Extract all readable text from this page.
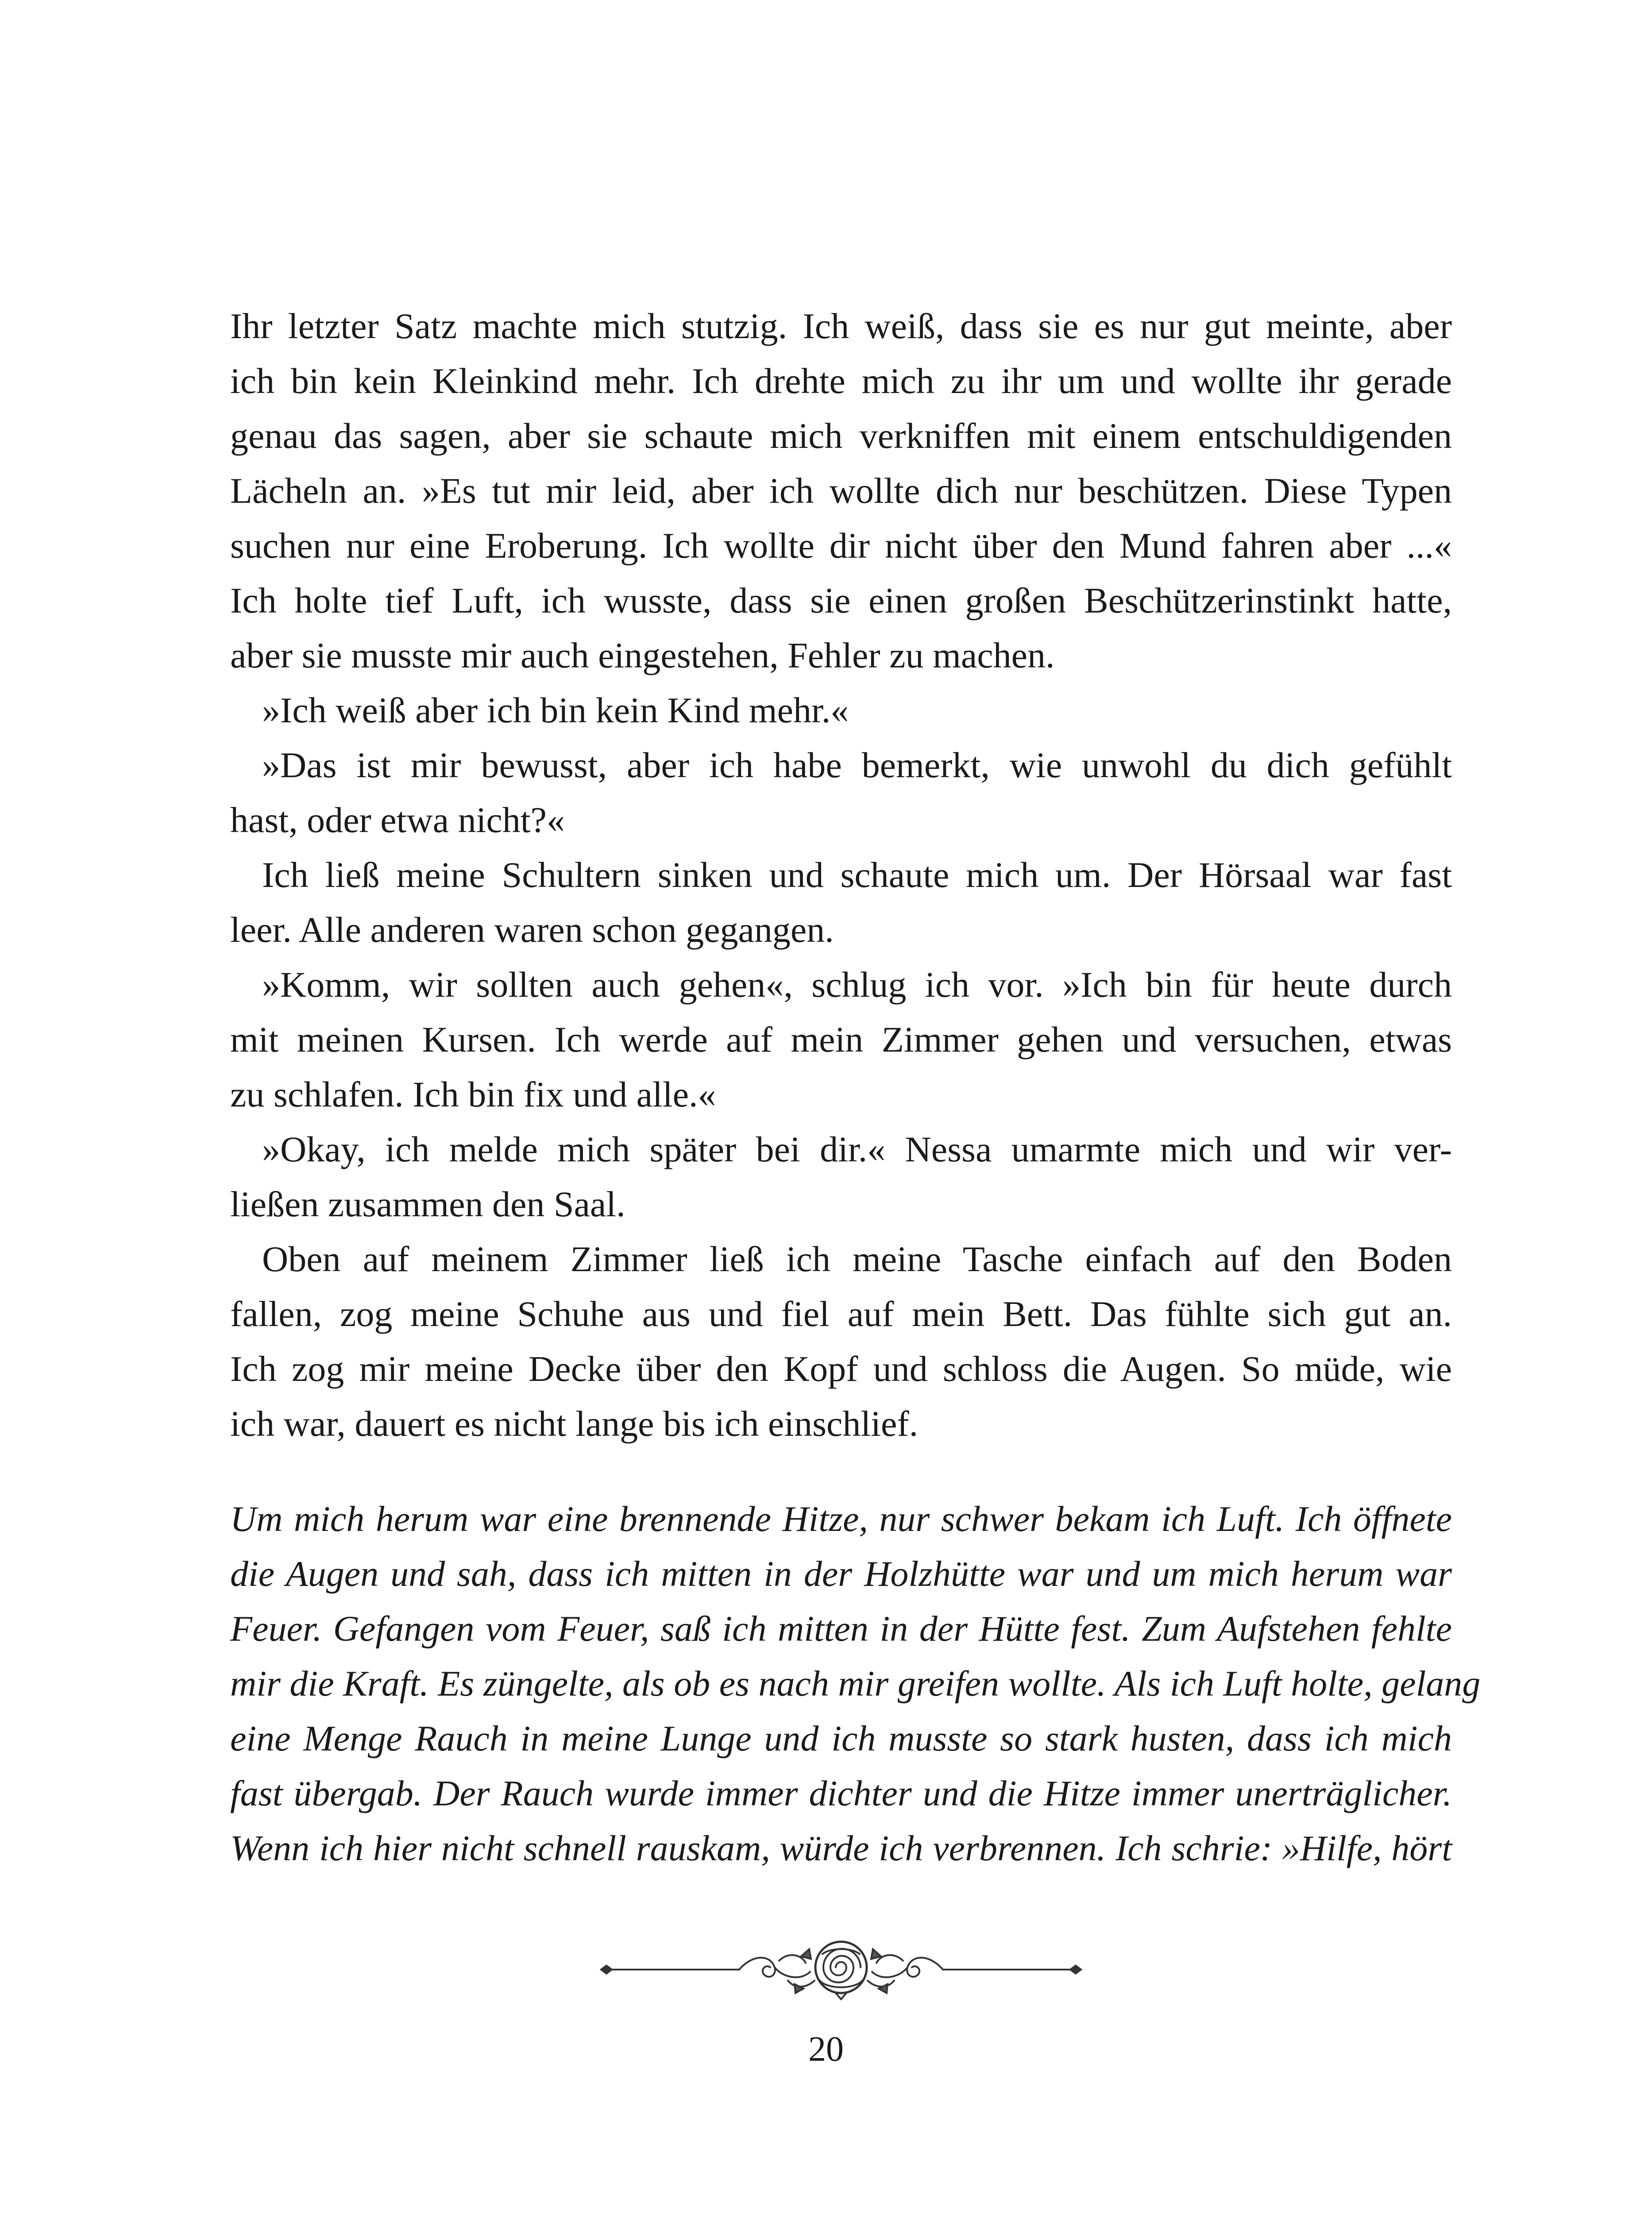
Ihr letzter Satz machte mich stutzig. Ich weiß, dass sie es nur gut meinte, aber
ich bin kein Kleinkind mehr. Ich drehte mich zu ihr um und wollte ihr gerade
genau das sagen, aber sie schaute mich verkniffen mit einem entschuldigenden
Lächeln an. »Es tut mir leid, aber ich wollte dich nur beschützen. Diese Typen
suchen nur eine Eroberung. Ich wollte dir nicht über den Mund fahren aber ...«
Ich holte tief Luft, ich wusste, dass sie einen großen Beschützerinstinkt hatte,
aber sie musste mir auch eingestehen, Fehler zu machen.
»Ich weiß aber ich bin kein Kind mehr.«
»Das ist mir bewusst, aber ich habe bemerkt, wie unwohl du dich gefühlt
hast, oder etwa nicht?«
Ich ließ meine Schultern sinken und schaute mich um. Der Hörsaal war fast
leer. Alle anderen waren schon gegangen.
»Komm, wir sollten auch gehen«, schlug ich vor. »Ich bin für heute durch
mit meinen Kursen. Ich werde auf mein Zimmer gehen und versuchen, etwas
zu schlafen. Ich bin fix und alle.«
»Okay, ich melde mich später bei dir.« Nessa umarmte mich und wir ver-
ließen zusammen den Saal.
Oben auf meinem Zimmer ließ ich meine Tasche einfach auf den Boden
fallen, zog meine Schuhe aus und fiel auf mein Bett. Das fühlte sich gut an.
Ich zog mir meine Decke über den Kopf und schloss die Augen. So müde, wie
ich war, dauert es nicht lange bis ich einschlief.
Um mich herum war eine brennende Hitze, nur schwer bekam ich Luft. Ich öffnete
die Augen und sah, dass ich mitten in der Holzhütte war und um mich herum war
Feuer. Gefangen vom Feuer, saß ich mitten in der Hütte fest. Zum Aufstehen fehlte
mir die Kraft. Es züngelte, als ob es nach mir greifen wollte. Als ich Luft holte, gelang
eine Menge Rauch in meine Lunge und ich musste so stark husten, dass ich mich
fast übergab. Der Rauch wurde immer dichter und die Hitze immer unerträglicher.
Wenn ich hier nicht schnell rauskam, würde ich verbrennen. Ich schrie: »Hilfe, hört
20
